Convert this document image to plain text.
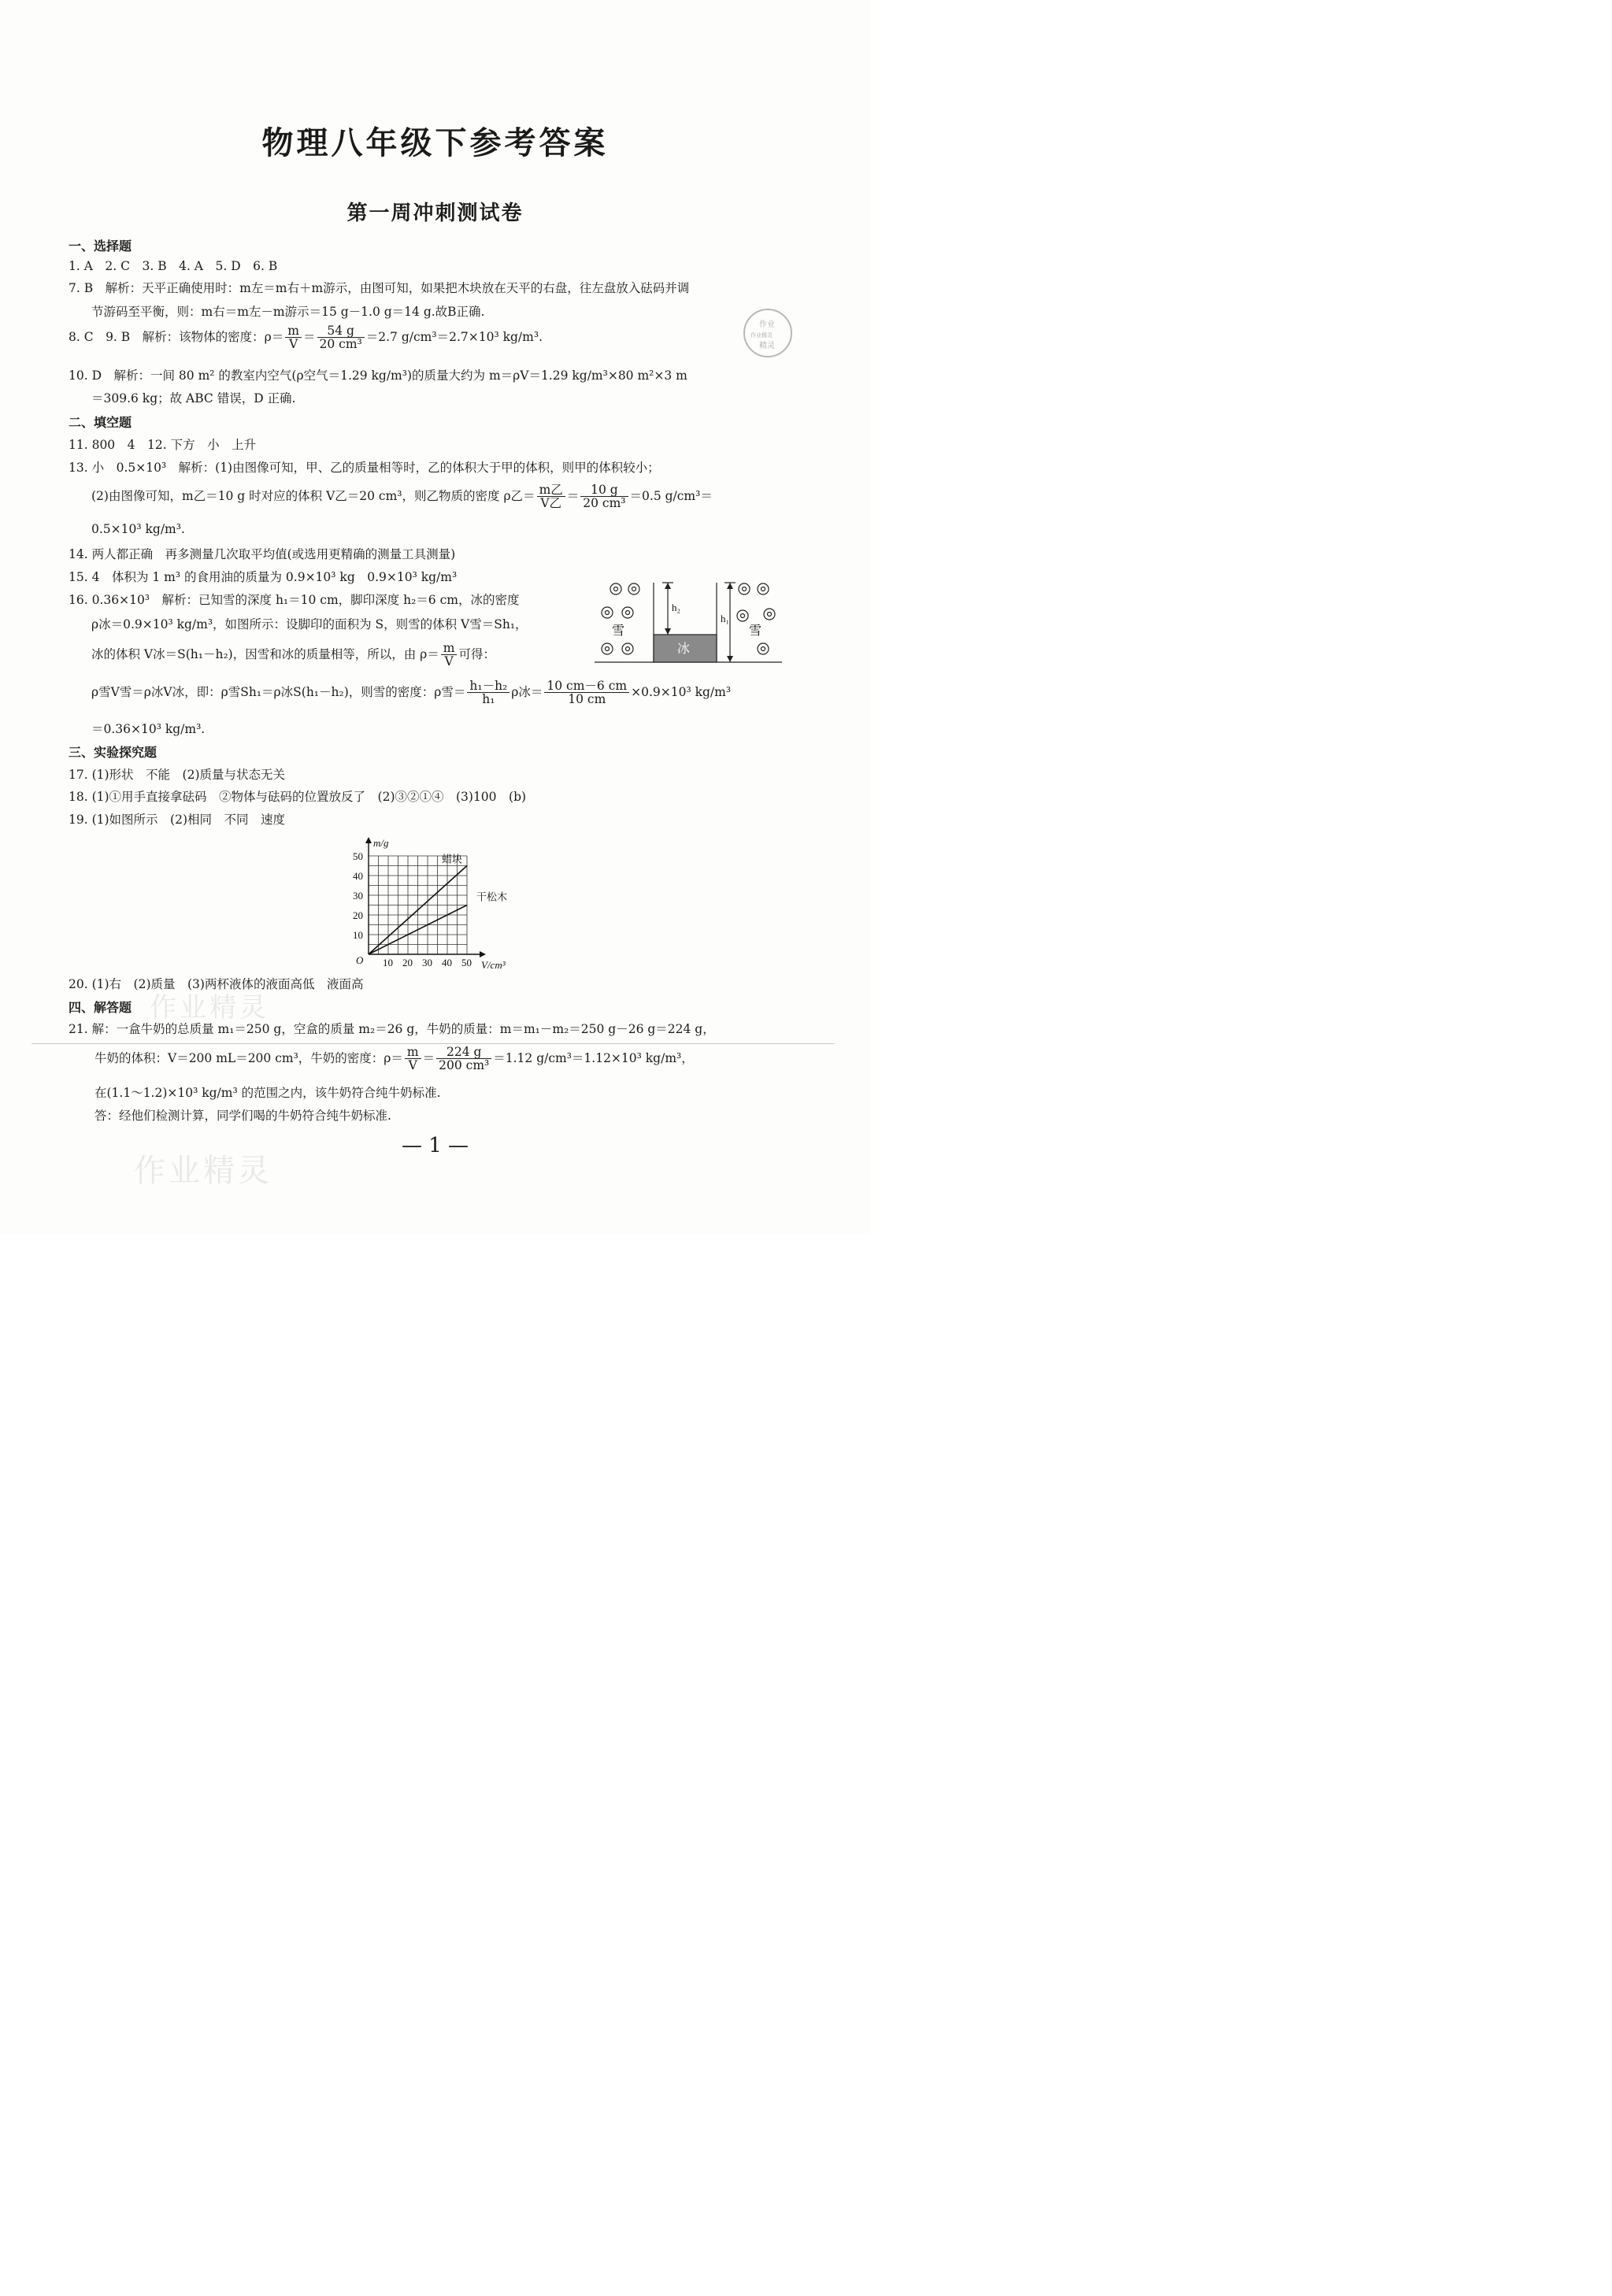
物理八年级下参考答案
第一周冲刺测试卷
一、选择题
1. A　2. C　3. B　4. A　5. D　6. B
7. B　解析：天平正确使用时：m左＝m右＋m游示，由图可知，如果把木块放在天平的右盘，往左盘放入砝码并调
节游码至平衡，则：m右＝m左－m游示＝15 g－1.0 g＝14 g.故B正确.
8. C　9. B　解析：该物体的密度：$\rho= \frac{m}{V} = \frac{54 g}{\text{20 cm³}} =2.7$ g/cm³＝2.7×10³ kg/m³.
10. D　解析：一间 80 m² 的教室内空气(ρ空气＝1.29 kg/m³)的质量大约为 m＝ρV＝1.29 kg/m³×80 m²×3 m
＝309.6 kg；故 ABC 错误，D 正确.
二、填空题
11. 800　4　12. 下方　小　上升
13. 小　0.5×10³　解析：(1)由图像可知，甲、乙的质量相等时，乙的体积大于甲的体积，则甲的体积较小；
(2)由图像可知，m乙＝10 g 时对应的体积 V乙＝20 cm³，则乙物质的密度 ρ乙＝ $\frac{\text{m乙}}{\text{V乙}} = \frac{10 g}{\text{20 cm³}} =0.5$ g/cm³＝
0.5×10³ kg/m³.
14. 两人都正确　再多测量几次取平均值(或选用更精确的测量工具测量)
15. 4　体积为 1 m³ 的食用油的质量为 0.9×10³ kg　0.9×10³ kg/m³
16. 0.36×10³　解析：已知雪的深度 h₁＝10 cm，脚印深度 h₂＝6 cm，冰的密度
ρ冰＝0.9×10³ kg/m³，如图所示：设脚印的面积为 S，则雪的体积 V雪＝Sh₁，
冰的体积 V冰＝S(h₁－h₂)，因雪和冰的质量相等，所以，由 $\rho= \frac{m}{V}$ 可得：
ρ雪V雪＝ρ冰V冰，即：ρ雪Sh₁＝ρ冰S(h₁－h₂)，则雪的密度：ρ雪＝ $\frac{\text{h₁－h₂}}{\text{h₁}}$ ρ冰＝ $\frac{10 cm-6 cm}{10 cm} \times 0.9\times 10^3$ kg/m³
＝0.36×10³ kg/m³.
h₂
h₁
雪	雪
冰
作业
作业精灵
精灵
三、实验探究题
17. (1)形状　不能　(2)质量与状态无关
18. (1)①用手直接拿砝码　②物体与砝码的位置放反了　(2)③②①④　(3)100　(b)
19. (1)如图所示　(2)相同　不同　速度
10 20 30 40 50
10
20
30
40
50
O
m/g
V/cm³
蜡块
干松木
20. (1)右　(2)质量　(3)两杯液体的液面高低　液面高
四、解答题 作业精灵
21. 解：一盒牛奶的总质量 m₁＝250 g，空盒的质量 m₂＝26 g，牛奶的质量：m＝m₁－m₂＝250 g－26 g＝224 g，
牛奶的体积：V＝200 mL＝200 cm³，牛奶的密度：$\rho= \frac{m}{V} = \frac{224 g}{\text{200 cm³}} =1.12$ g/cm³＝1.12×10³ kg/m³，
在(1.1～1.2)×10³ kg/m³ 的范围之内，该牛奶符合纯牛奶标准.
答：经他们检测计算，同学们喝的牛奶符合纯牛奶标准.
— 1 —
作业精灵
